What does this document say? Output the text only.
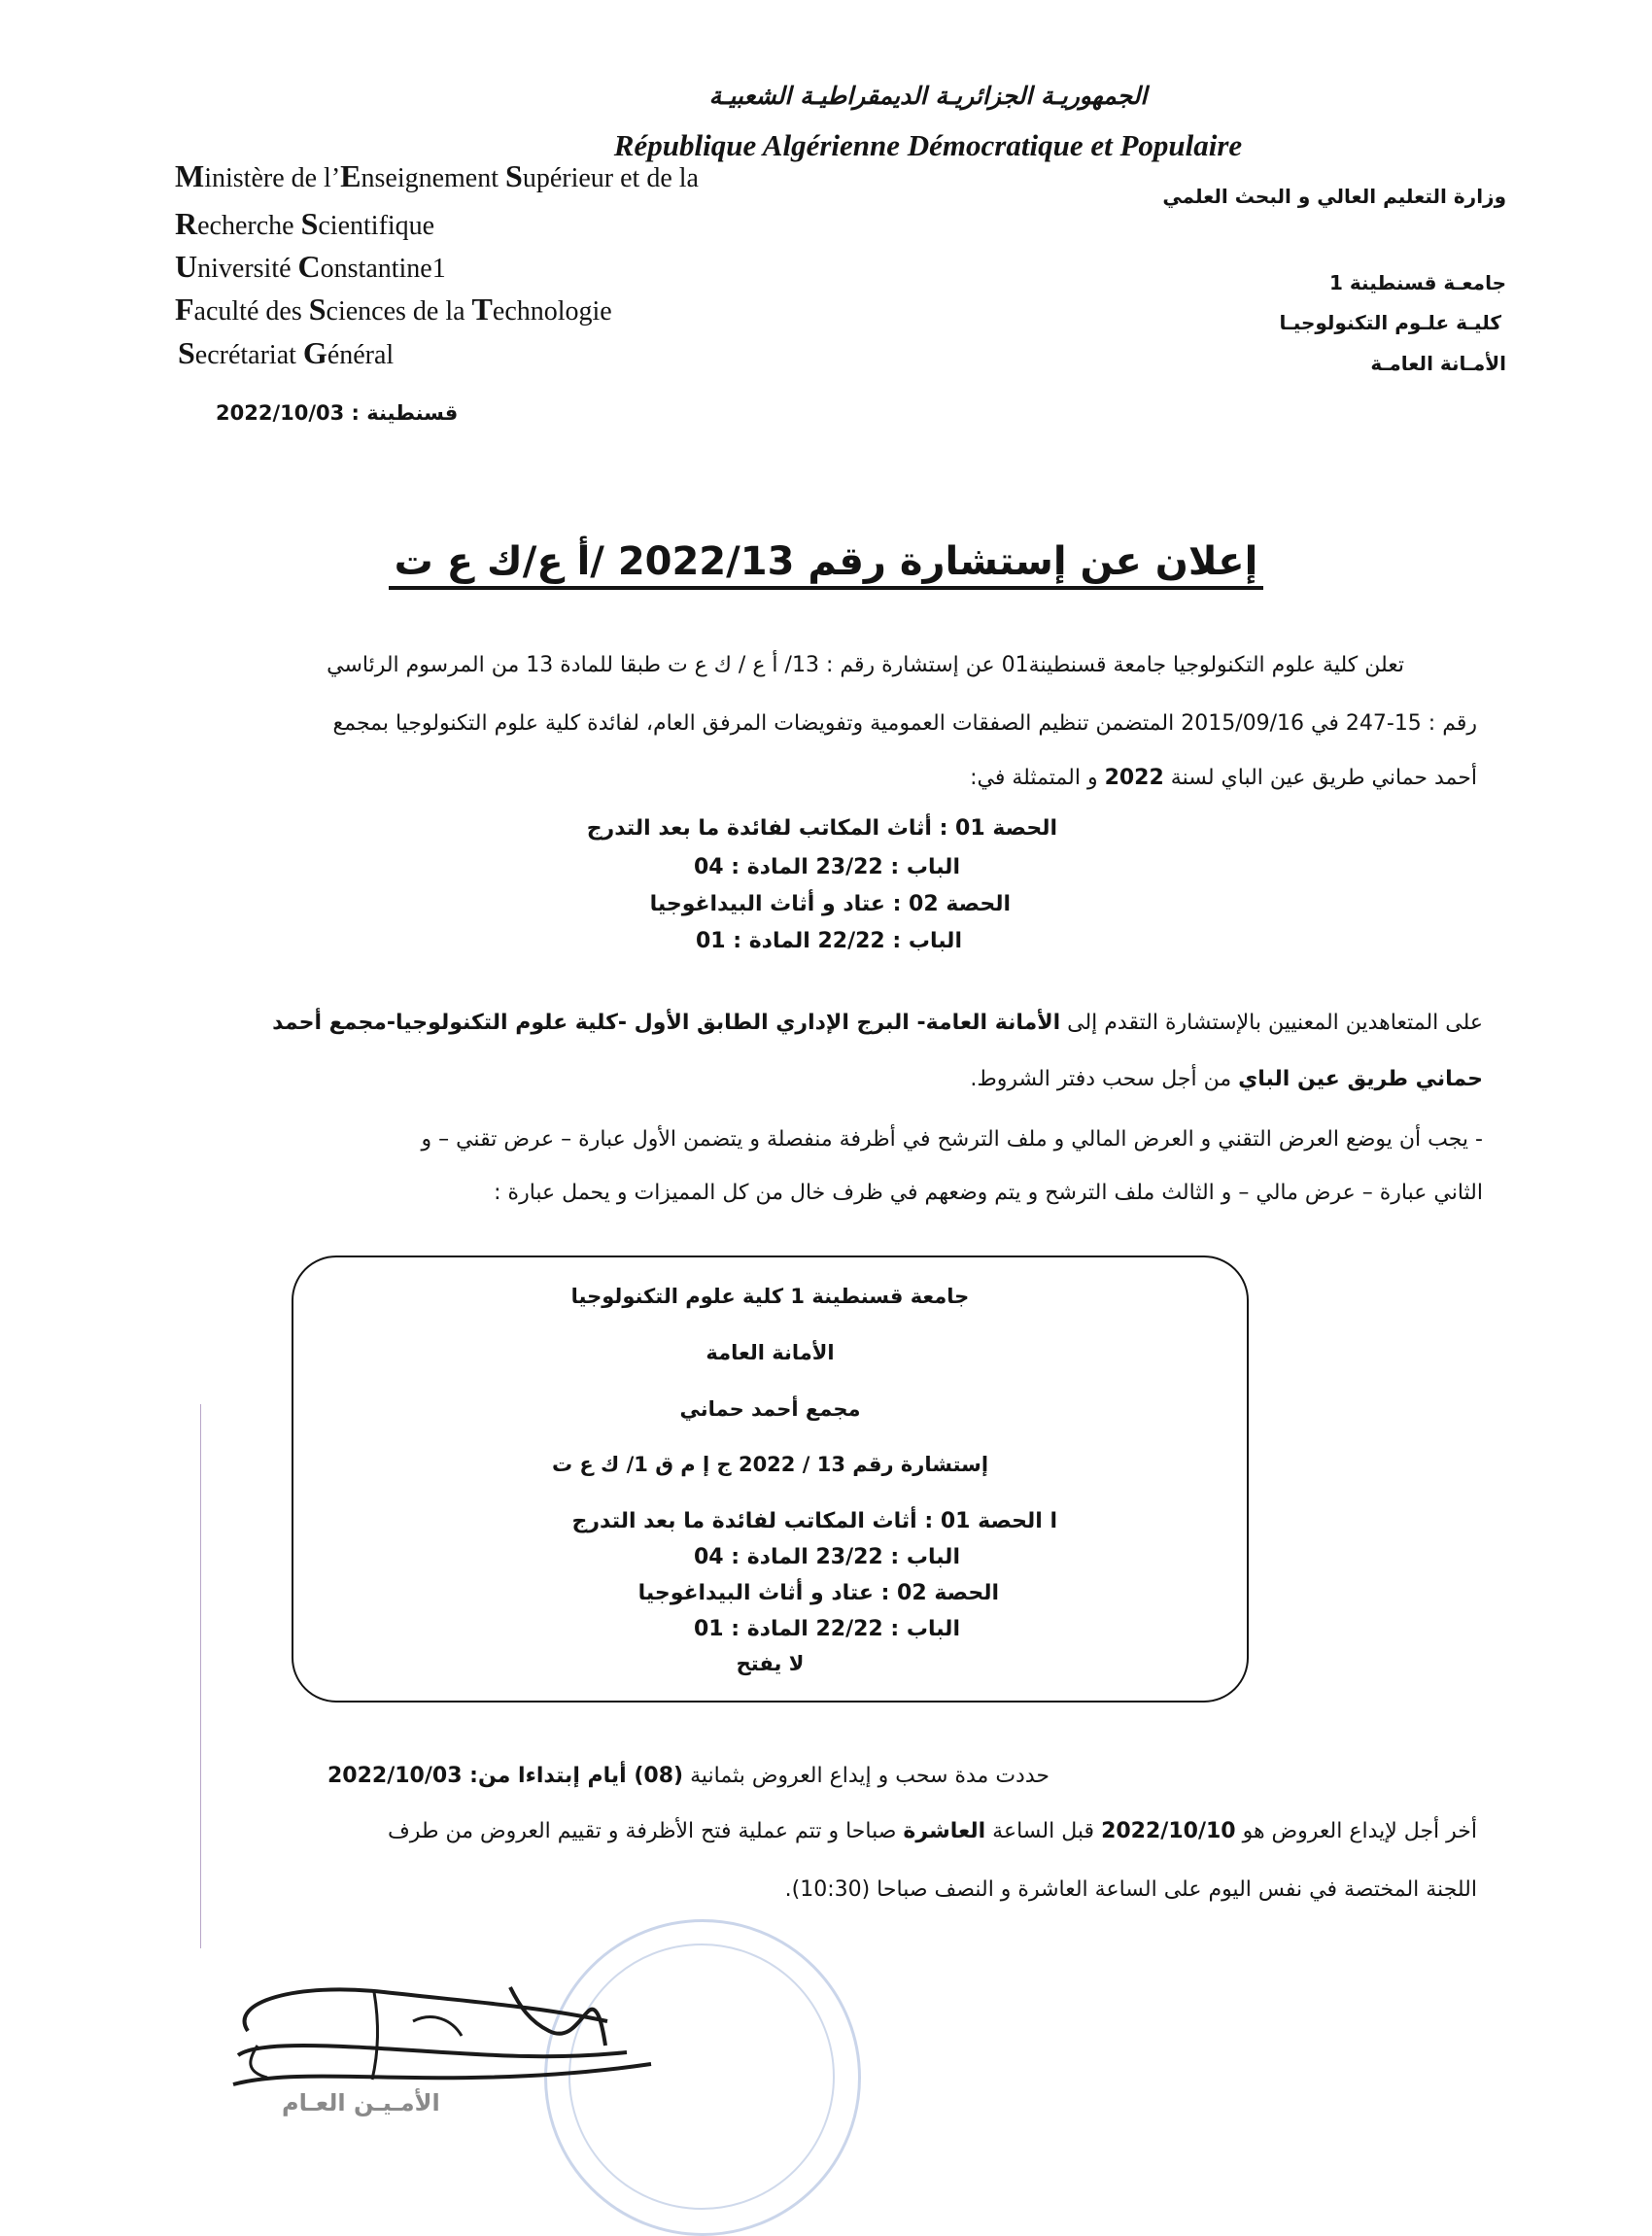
الجمهوريـة الجزائريـة الديمقراطيـة الشعبيـة
République Algérienne Démocratique et Populaire
Ministère de l’Enseignement Supérieur et de la
Recherche Scientifique
Université Constantine1
Faculté des Sciences de la Technologie
Secrétariat Général
وزارة التعليم العالي و البحث العلمي
جامعـة قسنطينة 1
كليـة علـوم التكنولوجيـا
الأمـانة العامـة
قسنطينة : 2022/10/03
إعلان عن إستشارة رقم 2022/13 /أ ع/ك ع ت
تعلن كلية علوم التكنولوجيا جامعة قسنطينة01 عن إستشارة رقم : 13/ أ ع / ك ع ت طبقا للمادة 13 من المرسوم الرئاسي
رقم : 15-247 في 2015/09/16 المتضمن تنظيم الصفقات العمومية وتفويضات المرفق العام، لفائدة كلية علوم التكنولوجيا بمجمع
أحمد حماني طريق عين الباي لسنة 2022 و المتمثلة في:
الحصة 01 : أثاث المكاتب لفائدة ما بعد التدرج
الباب : 23/22 المادة : 04
الحصة 02 : عتاد و أثاث البيداغوجيا
الباب : 22/22 المادة : 01
على المتعاهدين المعنيين بالإستشارة التقدم إلى الأمانة العامة- البرج الإداري الطابق الأول -كلية علوم التكنولوجيا-مجمع أحمد
حماني طريق عين الباي من أجل سحب دفتر الشروط.
- يجب أن يوضع العرض التقني و العرض المالي و ملف الترشح في أظرفة منفصلة و يتضمن الأول عبارة – عرض تقني – و
الثاني عبارة – عرض مالي – و الثالث ملف الترشح و يتم وضعهم في ظرف خال من كل المميزات و يحمل عبارة :
جامعة قسنطينة 1 كلية علوم التكنولوجيا
الأمانة العامة
مجمع أحمد حماني
إستشارة رقم 13 / 2022 ج إ م ق 1/ ك ع ت
ا الحصة 01 : أثاث المكاتب لفائدة ما بعد التدرج
الباب : 23/22 المادة : 04
الحصة 02 : عتاد و أثاث البيداغوجيا
الباب : 22/22 المادة : 01
لا يفتح
حددت مدة سحب و إيداع العروض بثمانية (08) أيام إبتداءا من: 2022/10/03
أخر أجل لإيداع العروض هو 2022/10/10 قبل الساعة العاشرة صباحا و تتم عملية فتح الأظرفة و تقييم العروض من طرف
اللجنة المختصة في نفس اليوم على الساعة العاشرة و النصف صباحا (10:30).
الأمـيـن العـام
